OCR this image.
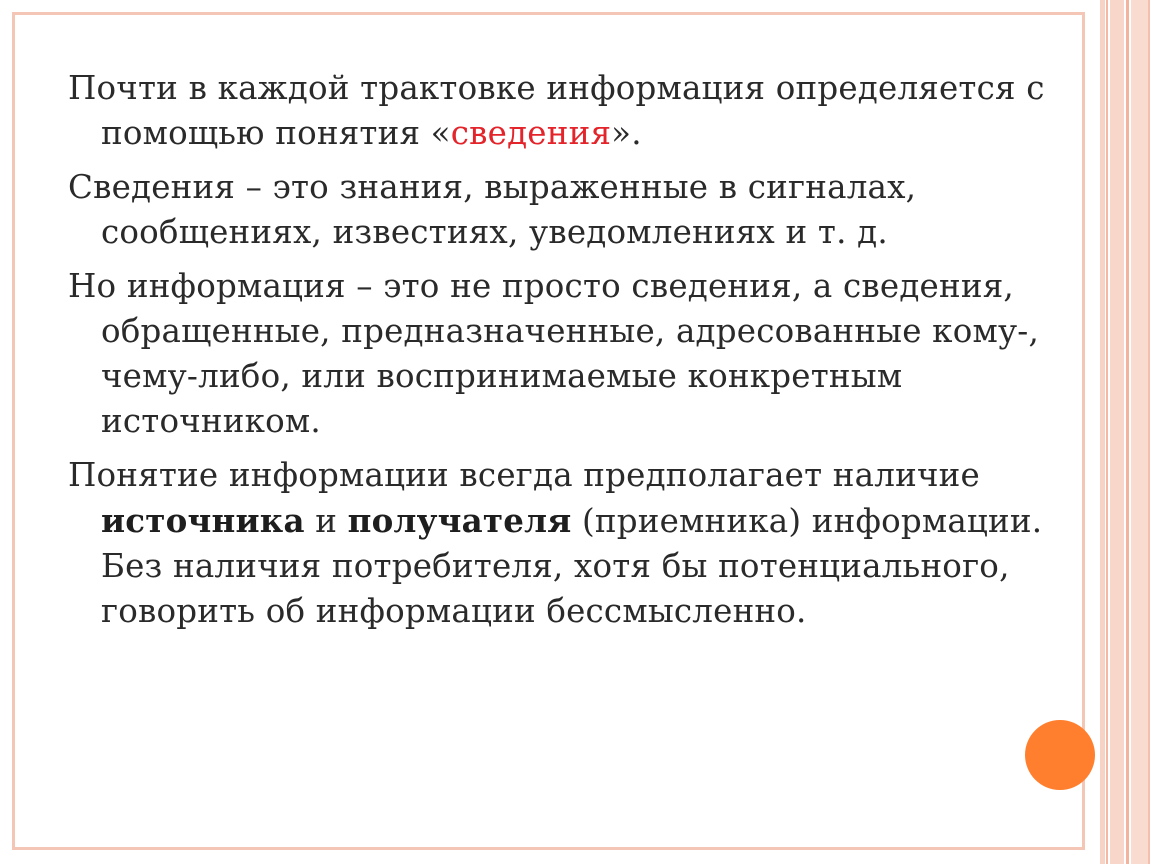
Почти в каждой трактовке информация определяется с помощью понятия «сведения».

Сведения – это знания, выраженные в сигналах, сообщениях, известиях, уведомлениях и т. д.

Но информация – это не просто сведения, а сведения, обращенные, предназначенные, адресованные кому-, чему-либо, или воспринимаемые конкретным источником.

Понятие информации всегда предполагает наличие источника и получателя (приемника) информации. Без наличия потребителя, хотя бы потенциального, говорить об информации бессмысленно.
